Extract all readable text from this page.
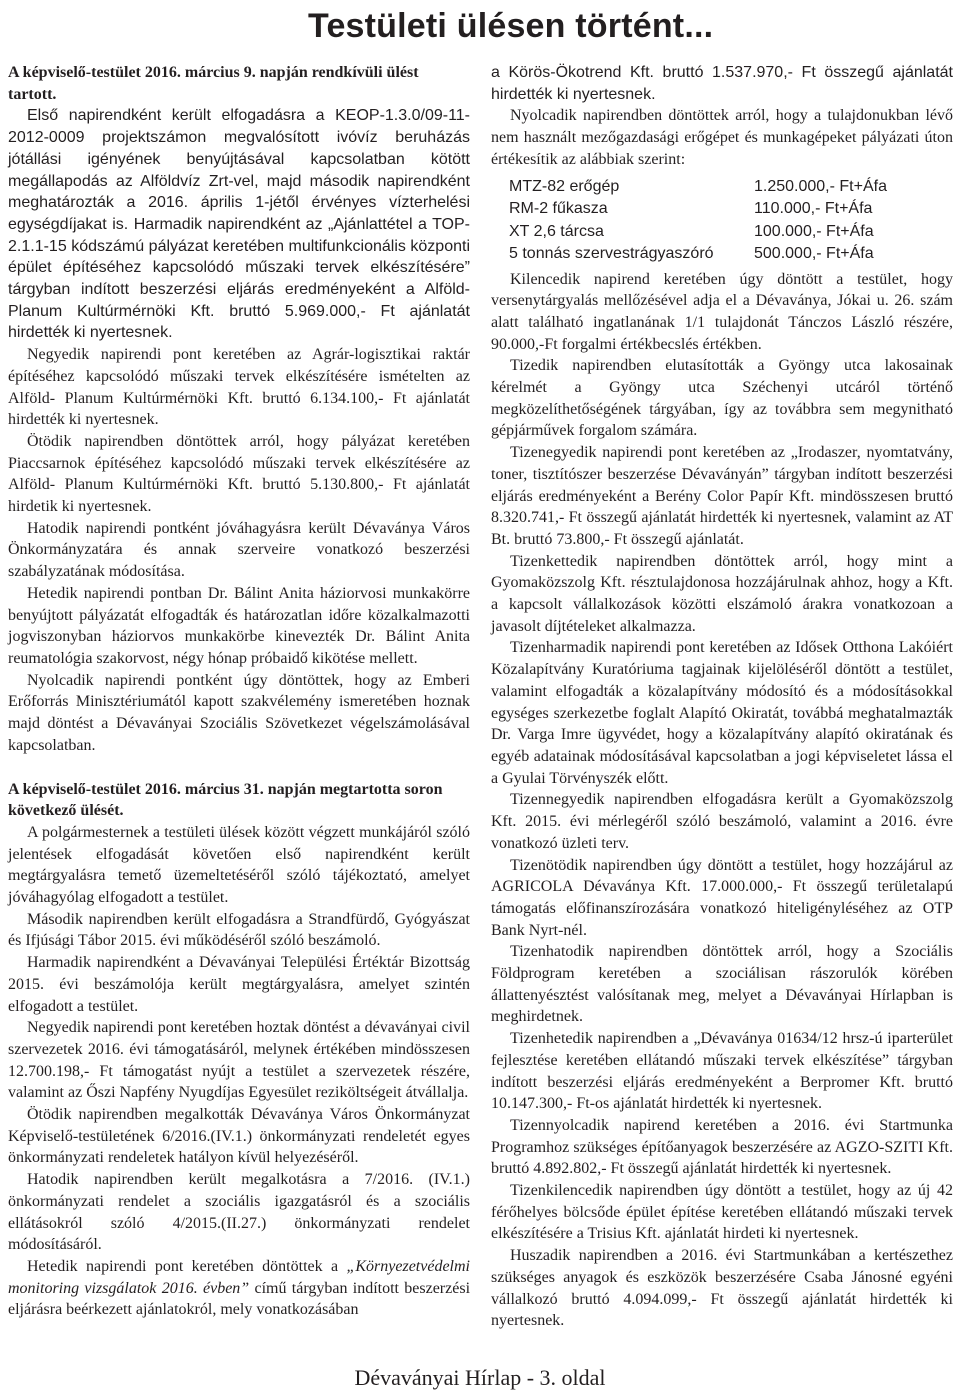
Testületi ülésen történt...

A képviselő-testület 2016. március 9. napján rendkívüli ülést tartott.

Első napirendként került elfogadásra a KEOP-1.3.0/09-11-2012-0009 projektszámon megvalósított ivóvíz beruházás jótállási igényének benyújtásával kapcsolatban kötött megállapodás az Alföldvíz Zrt-vel, majd második napirendként meghatározták a 2016. április 1-jétől érvényes vízterhelési egységdíjakat is. Harmadik napirendként az „Ajánlattétel a TOP-2.1.1-15 kódszámú pályázat keretében multifunkcionális központi épület építéséhez kapcsolódó műszaki tervek elkészítésére” tárgyban indított beszerzési eljárás eredményeként a Alföld- Planum Kultúrmérnöki Kft. bruttó 5.969.000,- Ft ajánlatát hirdették ki nyertesnek.

Negyedik napirendi pont keretében az Agrár-logisztikai raktár építéséhez kapcsolódó műszaki tervek elkészítésére ismételten az Alföld- Planum Kultúrmérnöki Kft. bruttó 6.134.100,- Ft ajánlatát hirdették ki nyertesnek.

Ötödik napirendben döntöttek arról, hogy pályázat keretében Piaccsarnok építéséhez kapcsolódó műszaki tervek elkészítésére az Alföld- Planum Kultúrmérnöki Kft. bruttó 5.130.800,- Ft ajánlatát hirdetik ki nyertesnek.

Hatodik napirendi pontként jóváhagyásra került Dévaványa Város Önkormányzatára és annak szerveire vonatkozó beszerzési szabályzatának módosítása.

Hetedik napirendi pontban Dr. Bálint Anita háziorvosi munkakörre benyújtott pályázatát elfogadták és határozatlan időre közalkalmazotti jogviszonyban háziorvos munkakörbe kinevezték Dr. Bálint Anita reumatológia szakorvost, négy hónap próbaidő kikötése mellett.

Nyolcadik napirendi pontként úgy döntöttek, hogy az Emberi Erőforrás Minisztériumától kapott szakvélemény ismeretében hoznak majd döntést a Dévaványai Szociális Szövetkezet végelszámolásával kapcsolatban.

A képviselő-testület 2016. március 31. napján megtartotta soron következő ülését.

A polgármesternek a testületi ülések között végzett munkájáról szóló jelentések elfogadását követően első napirendként került megtárgyalásra temető üzemeltetéséről szóló tájékoztató, amelyet jóváhagyólag elfogadott a testület.

Második napirendben került elfogadásra a Strandfürdő, Gyógyászat és Ifjúsági Tábor 2015. évi működéséről szóló beszámoló.

Harmadik napirendként a Dévaványai Települési Értéktár Bizottság 2015. évi beszámolója került megtárgyalásra, amelyet szintén elfogadott a testület.

Negyedik napirendi pont keretében hoztak döntést a dévaványai civil szervezetek 2016. évi támogatásáról, melynek értékében mindösszesen 12.700.198,- Ft támogatást nyújt a testület a szervezetek részére, valamint az Őszi Napfény Nyugdíjas Egyesület reziköltségeit átvállalja.

Ötödik napirendben megalkották Dévaványa Város Önkormányzat Képviselő-testületének 6/2016.(IV.1.) önkormányzati rendeletét egyes önkormányzati rendeletek hatályon kívül helyezéséről.

Hatodik napirendben került megalkotásra a 7/2016. (IV.1.) önkormányzati rendelet a szociális igazgatásról és a szociális ellátásokról szóló 4/2015.(II.27.) önkormányzati rendelet módosításáról.

Hetedik napirendi pont keretében döntöttek a „Környezetvédelmi monitoring vizsgálatok 2016. évben” című tárgyban indított beszerzési eljárásra beérkezett ajánlatokról, mely vonatkozásában

a Körös-Ökotrend Kft. bruttó 1.537.970,- Ft összegű ajánlatát hirdették ki nyertesnek.

Nyolcadik napirendben döntöttek arról, hogy a tulajdonukban lévő nem használt mezőgazdasági erőgépet és munkagépeket pályázati úton értékesítik az alábbiak szerint:

MTZ-82 erőgép	1.250.000,- Ft+Áfa
RM-2 fűkasza	110.000,- Ft+Áfa
XT 2,6 tárcsa	100.000,- Ft+Áfa
5 tonnás szervestrágyaszóró	500.000,- Ft+Áfa

Kilencedik napirend keretében úgy döntött a testület, hogy versenytárgyalás mellőzésével adja el a Dévaványa, Jókai u. 26. szám alatt található ingatlanának 1/1 tulajdonát Tánczos László részére, 90.000,-Ft forgalmi értékbecslés értékben.

Tizedik napirendben elutasították a Gyöngy utca lakosainak kérelmét a Gyöngy utca Széchenyi utcáról történő megközelíthetőségének tárgyában, így az továbbra sem megynitható gépjárművek forgalom számára.

Tizenegyedik napirendi pont keretében az „Irodaszer, nyomtatvány, toner, tisztítószer beszerzése Dévaványán” tárgyban indított beszerzési eljárás eredményeként a Berény Color Papír Kft. mindösszesen bruttó 8.320.741,- Ft összegű ajánlatát hirdették ki nyertesnek, valamint az AT Bt. bruttó 73.800,- Ft összegű ajánlatát.

Tizenkettedik napirendben döntöttek arról, hogy mint a Gyomaközszolg Kft. résztulajdonosa hozzájárulnak ahhoz, hogy a Kft. a kapcsolt vállalkozások közötti elszámoló árakra vonatkozoan a javasolt díjtételeket alkalmazza.

Tizenharmadik napirendi pont keretében az Idősek Otthona Lakóiért Közalapítvány Kuratóriuma tagjainak kijelöléséről döntött a testület, valamint elfogadták a közalapítvány módosító és a módosításokkal egységes szerkezetbe foglalt Alapító Okiratát, továbbá meghatalmazták Dr. Varga Imre ügyvédet, hogy a közalapítvány alapító okiratának és egyéb adatainak módosításával kapcsolatban a jogi képviseletet lássa el a Gyulai Törvényszék előtt.

Tizennegyedik napirendben elfogadásra került a Gyomaközszolg Kft. 2015. évi mérlegéről szóló beszámoló, valamint a 2016. évre vonatkozó üzleti terv.

Tizenötödik napirendben úgy döntött a testület, hogy hozzájárul az AGRICOLA Dévaványa Kft. 17.000.000,- Ft összegű területalapú támogatás előfinanszírozására vonatkozó hiteligényléséhez az OTP Bank Nyrt-nél.

Tizenhatodik napirendben döntöttek arról, hogy a Szociális Földprogram keretében a szociálisan rászorulók körében állattenyésztést valósítanak meg, melyet a Dévaványai Hírlapban is meghirdetnek.

Tizenhetedik napirendben a „Dévaványa 01634/12 hrsz-ú iparterület fejlesztése keretében ellátandó műszaki tervek elkészítése” tárgyban indított beszerzési eljárás eredményeként a Berpromer Kft. bruttó 10.147.300,- Ft-os ajánlatát hirdették ki nyertesnek.

Tizennyolcadik napirend keretében a 2016. évi Startmunka Programhoz szükséges építőanyagok beszerzésére az AGZO-SZITI Kft. bruttó 4.892.802,- Ft összegű ajánlatát hirdették ki nyertesnek.

Tizenkilencedik napirendben úgy döntött a testület, hogy az új 42 férőhelyes bölcsőde épület építése keretében ellátandó műszaki tervek elkészítésére a Trisius Kft. ajánlatát hirdeti ki nyertesnek.

Huszadik napirendben a 2016. évi Startmunkában a kertészethez szükséges anyagok és eszközök beszerzésére Csaba Jánosné egyéni vállalkozó bruttó 4.094.099,- Ft összegű ajánlatát hirdették ki nyertesnek.

Dévaványai Hírlap - 3. oldal
